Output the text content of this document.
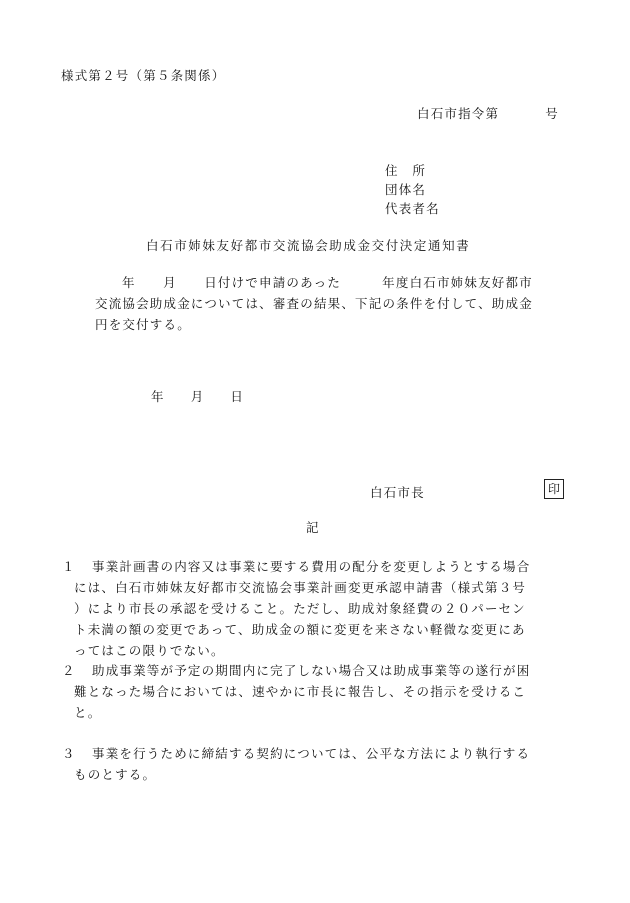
様式第２号（第５条関係）
白石市指令第	号
住　所
団体名
代表者名
白石市姉妹友好都市交流協会助成金交付決定通知書
年　　月　　日付けで申請のあった　　　年度白石市姉妹友好都市
交流協会助成金については、審査の結果、下記の条件を付して、助成金
円を交付する。
年 月 日
白石市長	印
記
１ 事業計画書の内容又は事業に要する費用の配分を変更しようとする場合
には、白石市姉妹友好都市交流協会事業計画変更承認申請書（様式第３号
）により市長の承認を受けること。ただし、助成対象経費の２０パーセン
ト未満の額の変更であって、助成金の額に変更を来さない軽微な変更にあ
ってはこの限りでない。
２ 助成事業等が予定の期間内に完了しない場合又は助成事業等の遂行が困
難となった場合においては、速やかに市長に報告し、その指示を受けるこ
と。
３ 事業を行うために締結する契約については、公平な方法により執行する
ものとする。
